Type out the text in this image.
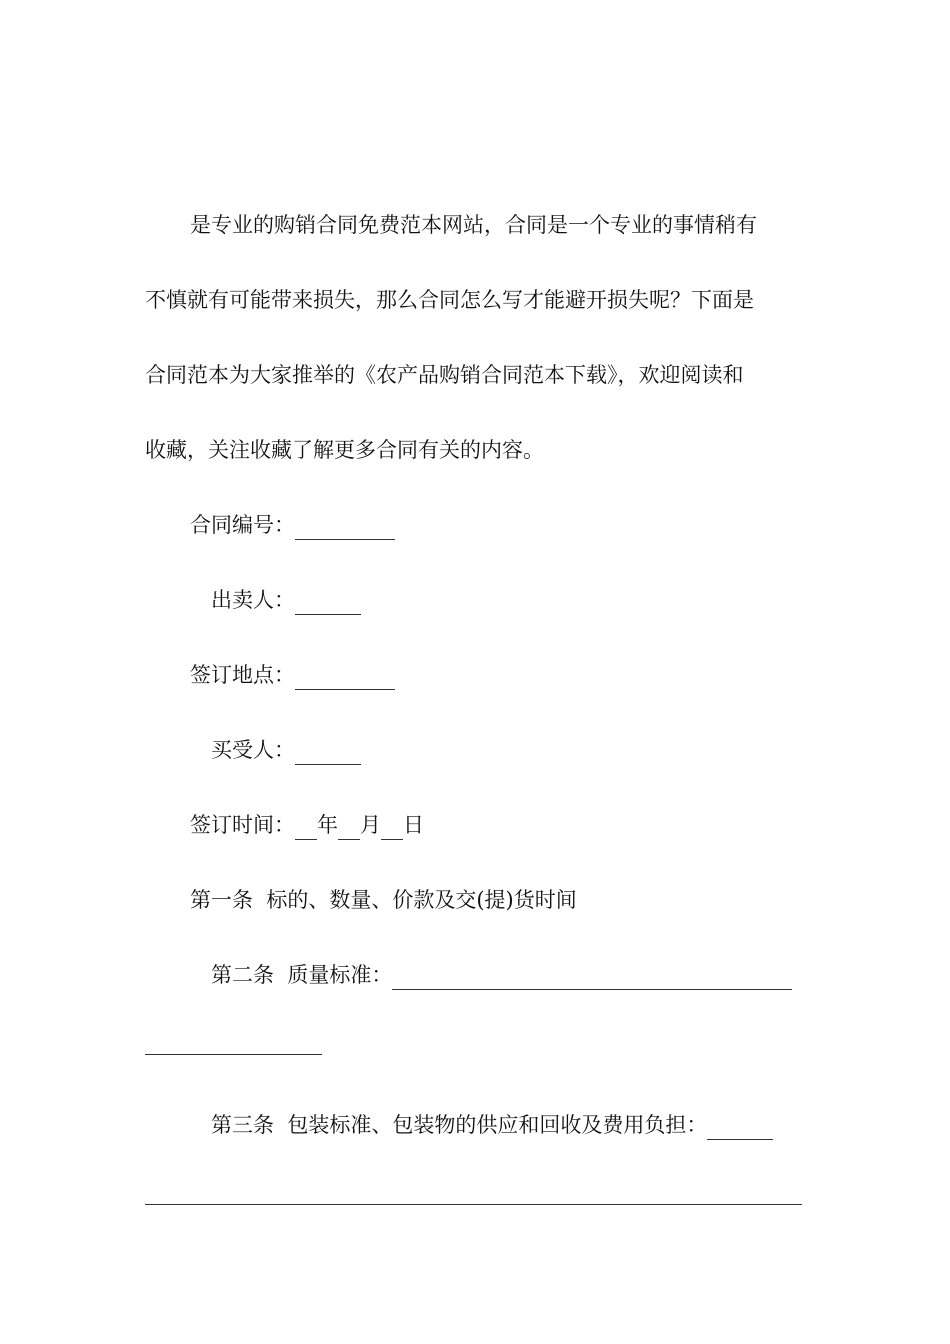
是专业的购销合同免费范本网站，合同是一个专业的事情稍有
不慎就有可能带来损失，那么合同怎么写才能避开损失呢？下面是
合同范本为大家推举的《农产品购销合同范本下载》，欢迎阅读和
收藏，关注收藏了解更多合同有关的内容。
合同编号：
出卖人：
签订地点：
买受人：
签订时间： 年 月 日
第一条 标的、数量、价款及交(提)货时间
第二条 质量标准：
第三条 包装标准、包装物的供应和回收及费用负担：
